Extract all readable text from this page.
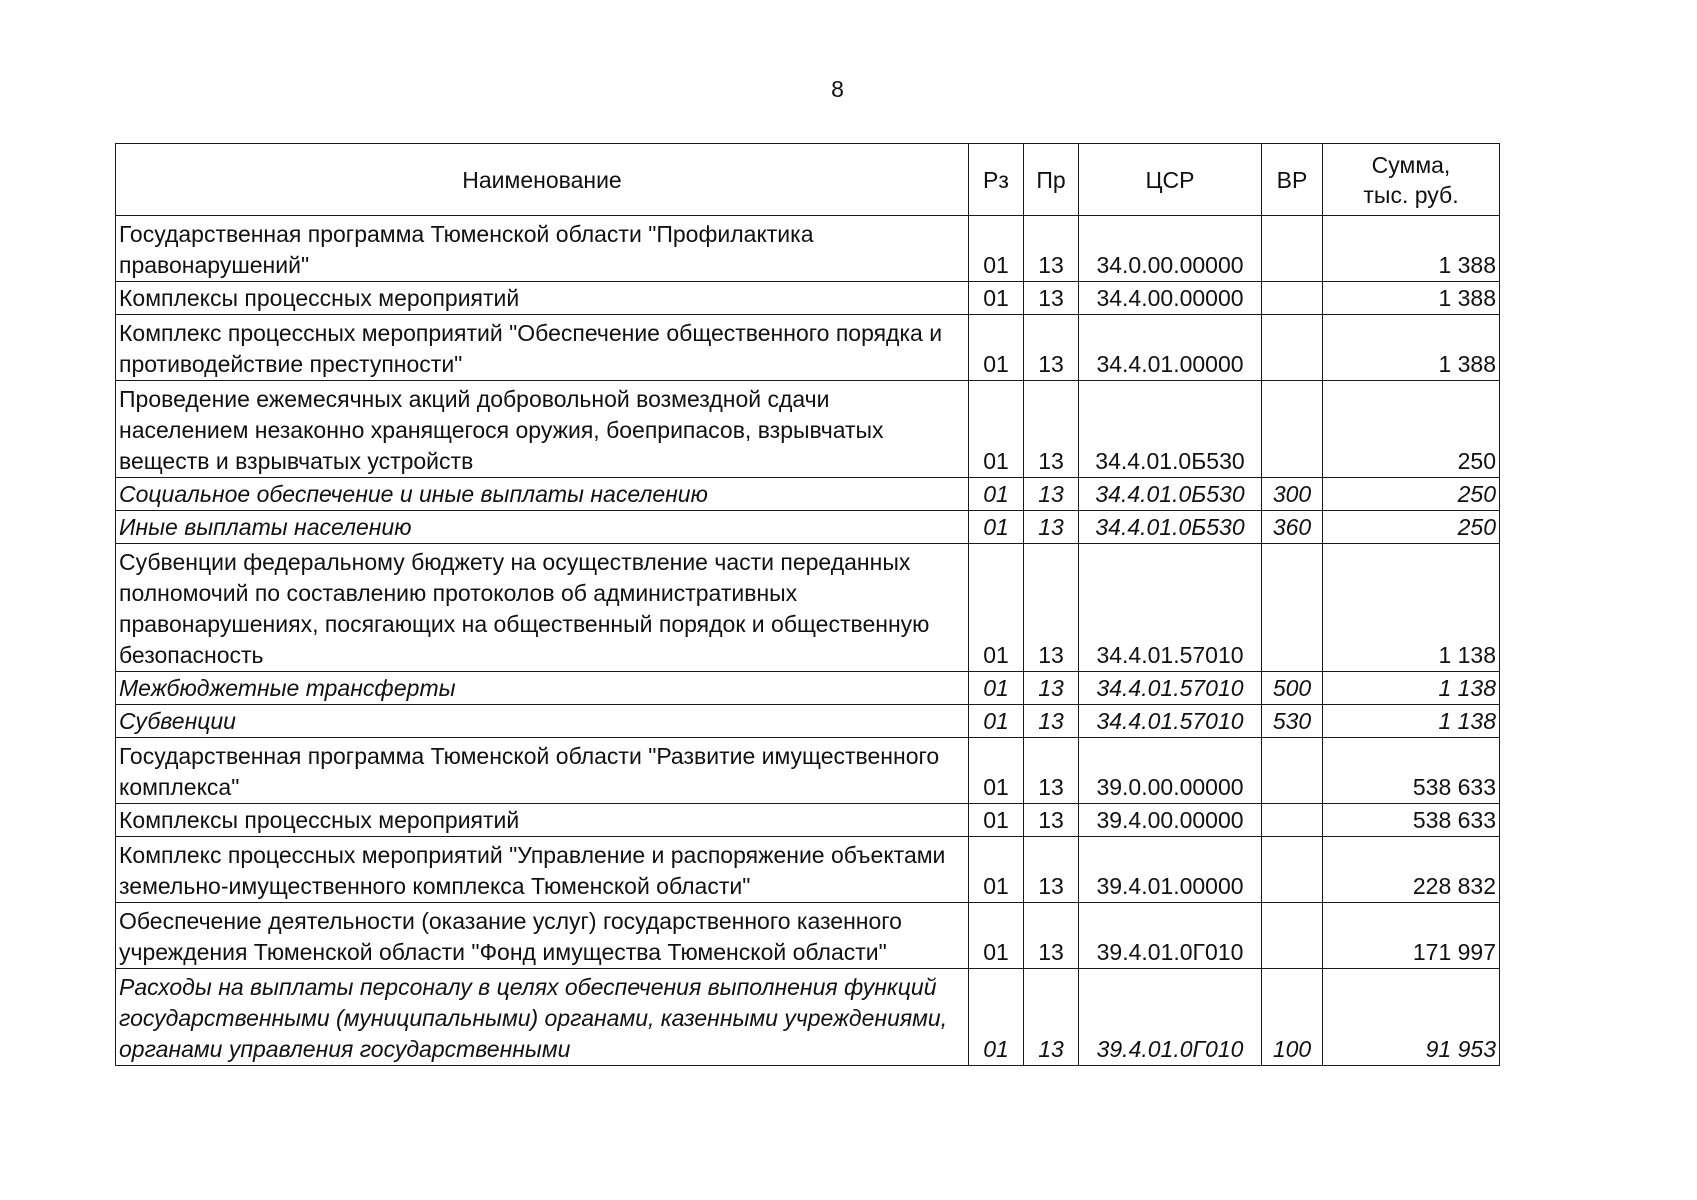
8
Наименование	Рз	Пр	ЦСР	ВР	Сумма,
тыс. руб.
Государственная программа Тюменской области "Профилактика правонарушений"	01	13	34.0.00.00000		1 388
Комплексы процессных мероприятий	01	13	34.4.00.00000		1 388
Комплекс процессных мероприятий "Обеспечение общественного порядка и противодействие преступности"	01	13	34.4.01.00000		1 388
Проведение ежемесячных акций добровольной возмездной сдачи населением незаконно хранящегося оружия, боеприпасов, взрывчатых веществ и взрывчатых устройств	01	13	34.4.01.0Б530		250
Социальное обеспечение и иные выплаты населению	01	13	34.4.01.0Б530	300	250
Иные выплаты населению	01	13	34.4.01.0Б530	360	250
Субвенции федеральному бюджету на осуществление части переданных полномочий по составлению протоколов об административных правонарушениях, посягающих на общественный порядок и общественную безопасность	01	13	34.4.01.57010		1 138
Межбюджетные трансферты	01	13	34.4.01.57010	500	1 138
Субвенции	01	13	34.4.01.57010	530	1 138
Государственная программа Тюменской области "Развитие имущественного комплекса"	01	13	39.0.00.00000		538 633
Комплексы процессных мероприятий	01	13	39.4.00.00000		538 633
Комплекс процессных мероприятий "Управление и распоряжение объектами земельно-имущественного комплекса Тюменской области"	01	13	39.4.01.00000		228 832
Обеспечение деятельности (оказание услуг) государственного казенного учреждения Тюменской области "Фонд имущества Тюменской области"	01	13	39.4.01.0Г010		171 997
Расходы на выплаты персоналу в целях обеспечения выполнения функций государственными (муниципальными) органами, казенными учреждениями, органами управления государственными	01	13	39.4.01.0Г010	100	91 953
